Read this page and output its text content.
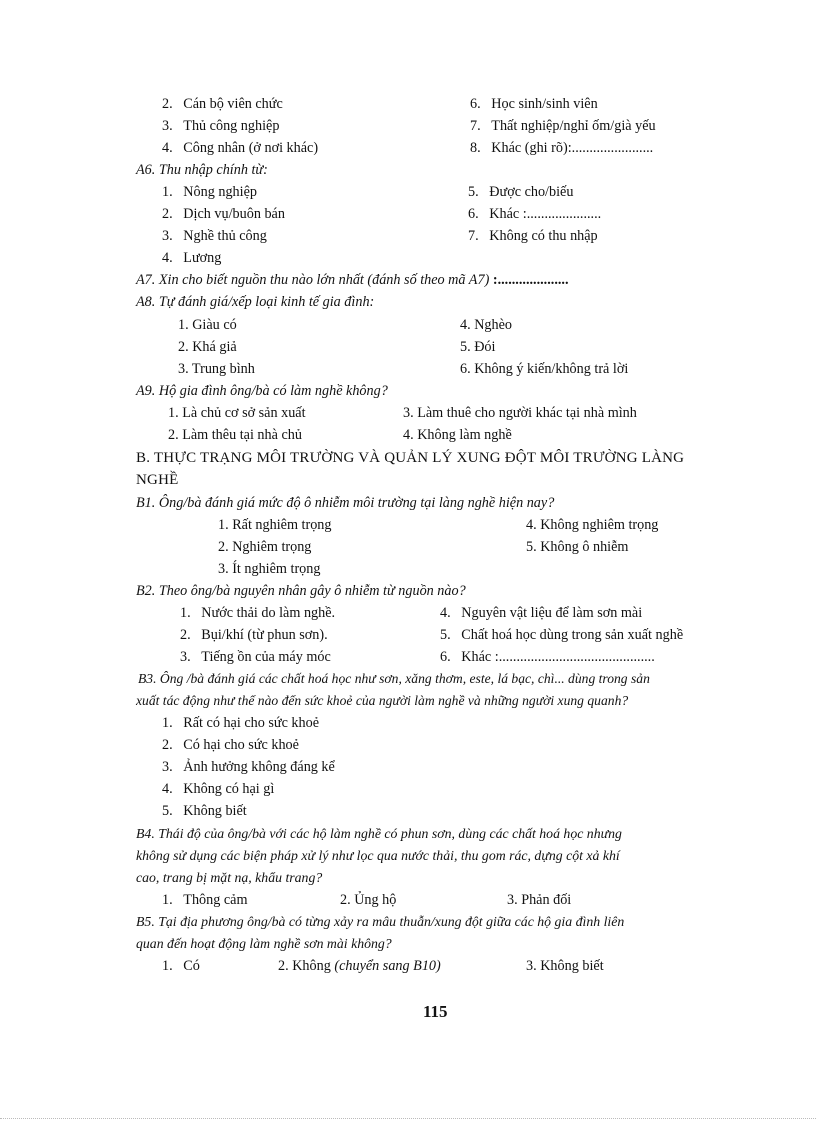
2.   Cán bộ viên chức	6.   Học sinh/sinh viên
3.   Thủ công nghiệp	7.   Thất nghiệp/nghỉ ốm/già yếu
4.   Công nhân (ở nơi khác)	8.   Khác (ghi rõ):.......................
A6. Thu nhập chính từ:
1.   Nông nghiệp	5.   Được cho/biếu
2.   Dịch vụ/buôn bán	6.   Khác :.....................
3.   Nghề thủ công	7.   Không có thu nhập
4.   Lương
A7. Xin cho biết nguồn thu nào lớn nhất (đánh số theo mã A7) :....................
A8. Tự đánh giá/xếp loại kinh tế gia đình:
1. Giàu có	4. Nghèo
2. Khá giả	5. Đói
3. Trung bình	6. Không ý kiến/không trả lời
A9. Hộ gia đình ông/bà có làm nghề không?
1. Là chủ cơ sở sản xuất	3. Làm thuê cho người khác tại nhà mình
2. Làm thêu tại nhà chủ	4. Không làm nghề
B. THỰC TRẠNG MÔI TRƯỜNG VÀ QUẢN LÝ XUNG ĐỘT MÔI TRƯỜNG LÀNG
NGHỀ
B1. Ông/bà đánh giá mức độ ô nhiễm môi trường tại làng nghề hiện nay?
1. Rất nghiêm trọng	4. Không nghiêm trọng
2. Nghiêm trọng	5. Không ô nhiễm
3. Ít nghiêm trọng
B2. Theo ông/bà nguyên nhân gây ô nhiễm từ nguồn nào?
1.   Nước thải do làm nghề.	4.   Nguyên vật liệu để làm sơn mài
2.   Bụi/khí (từ phun sơn).	5.   Chất hoá học dùng trong sản xuất nghề
3.   Tiếng ồn của máy móc	6.   Khác :............................................
B3. Ông /bà đánh giá các chất hoá học như sơn, xăng thơm, este, lá bạc, chì... dùng trong sản
xuất tác động như thế nào đến sức khoẻ của người làm nghề và những người xung quanh?
1.   Rất có hại cho sức khoẻ
2.   Có hại cho sức khoẻ
3.   Ảnh hưởng không đáng kể
4.   Không có hại gì
5.   Không biết
B4. Thái độ của ông/bà với các hộ làm nghề có phun sơn, dùng các chất hoá học nhưng
không sử dụng các biện pháp xử lý như lọc qua nước thải, thu gom rác, dựng cột xả khí
cao, trang bị mặt nạ, khẩu trang?
1.   Thông cảm	2. Ủng hộ	3. Phản đối
B5. Tại địa phương ông/bà có từng xảy ra mâu thuẫn/xung đột giữa các hộ gia đình liên
quan đến hoạt động làm nghề sơn mài không?
1.   Có	2. Không (chuyển sang B10)	3. Không biết
115
